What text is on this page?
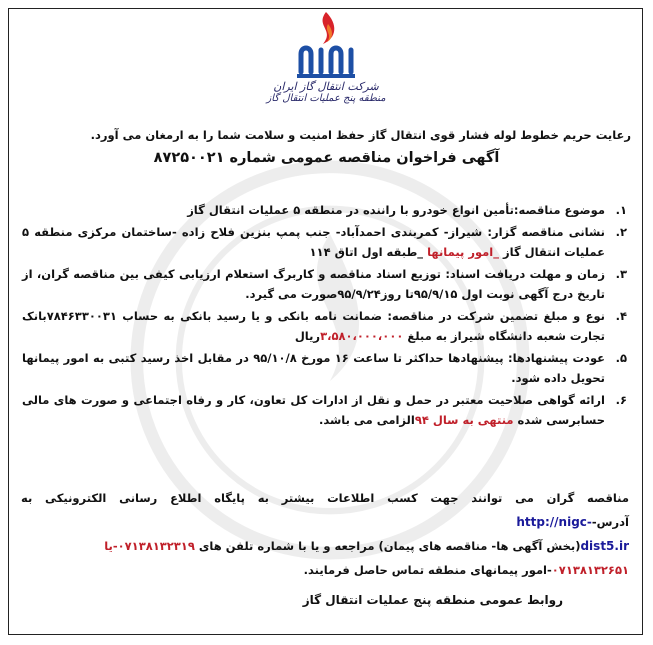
شرکت انتقال گاز ایران
منطقه پنج عملیات انتقال گاز
رعایت حریم خطوط لوله فشار قوی انتقال گاز حفظ امنیت و سلامت شما را به ارمغان می آورد.
آگهی فراخوان مناقصه عمومی شماره ۸۷۲۵۰۰۲۱
۱.
موضوع مناقصه:تأمین انواع خودرو با راننده در منطقه ۵ عملیات انتقال گاز
۲.
نشانی مناقصه گزار: شیراز- کمربندی احمدآباد- جنب پمپ بنزین فلاح زاده -ساختمان مرکزی منطقه ۵ عملیات انتقال گاز _امور پیمانها _طبقه اول اتاق ۱۱۴
۳.
زمان و مهلت دریافت اسناد: توزیع اسناد مناقصه و کاربرگ استعلام ارزیابی کیفی بین مناقصه گران، از تاریخ درج آگهی نوبت اول ۹۵/۹/۱۵تا روز۹۵/۹/۲۴صورت می گیرد.
۴.
نوع و مبلغ تضمین شرکت در مناقصه: ضمانت نامه بانکی و یا رسید بانکی به حساب ۷۸۴۶۳۳۰۰۳۱بانک تجارت شعبه دانشگاه شیراز به مبلغ ۳،۵۸۰،۰۰۰،۰۰۰ریال
۵.
عودت پیشنهادها: پیشنهادها حداکثر تا ساعت ۱۶ مورخ ۹۵/۱۰/۸ در مقابل اخذ رسید کتبی به امور پیمانها تحویل داده شود.
۶.
ارائه گواهی صلاحیت معتبر در حمل و نقل از ادارات کل تعاون، کار و رفاه اجتماعی و صورت های مالی حسابرسی شده منتهی به سال ۹۴الزامی می باشد.
مناقصه گران می توانند جهت کسب اطلاعات بیشتر به پایگاه اطلاع رسانی الکترونیکی به آدرس-http://nigc-
dist5.ir(بخش آگهی ها- مناقصه های پیمان) مراجعه و یا با شماره تلفن های ۰۷۱۳۸۱۳۲۳۱۹-یا
۰۷۱۳۸۱۳۲۶۵۱-امور پیمانهای منطقه تماس حاصل فرمایند.
روابط عمومی منطقه پنج عملیات انتقال گاز
